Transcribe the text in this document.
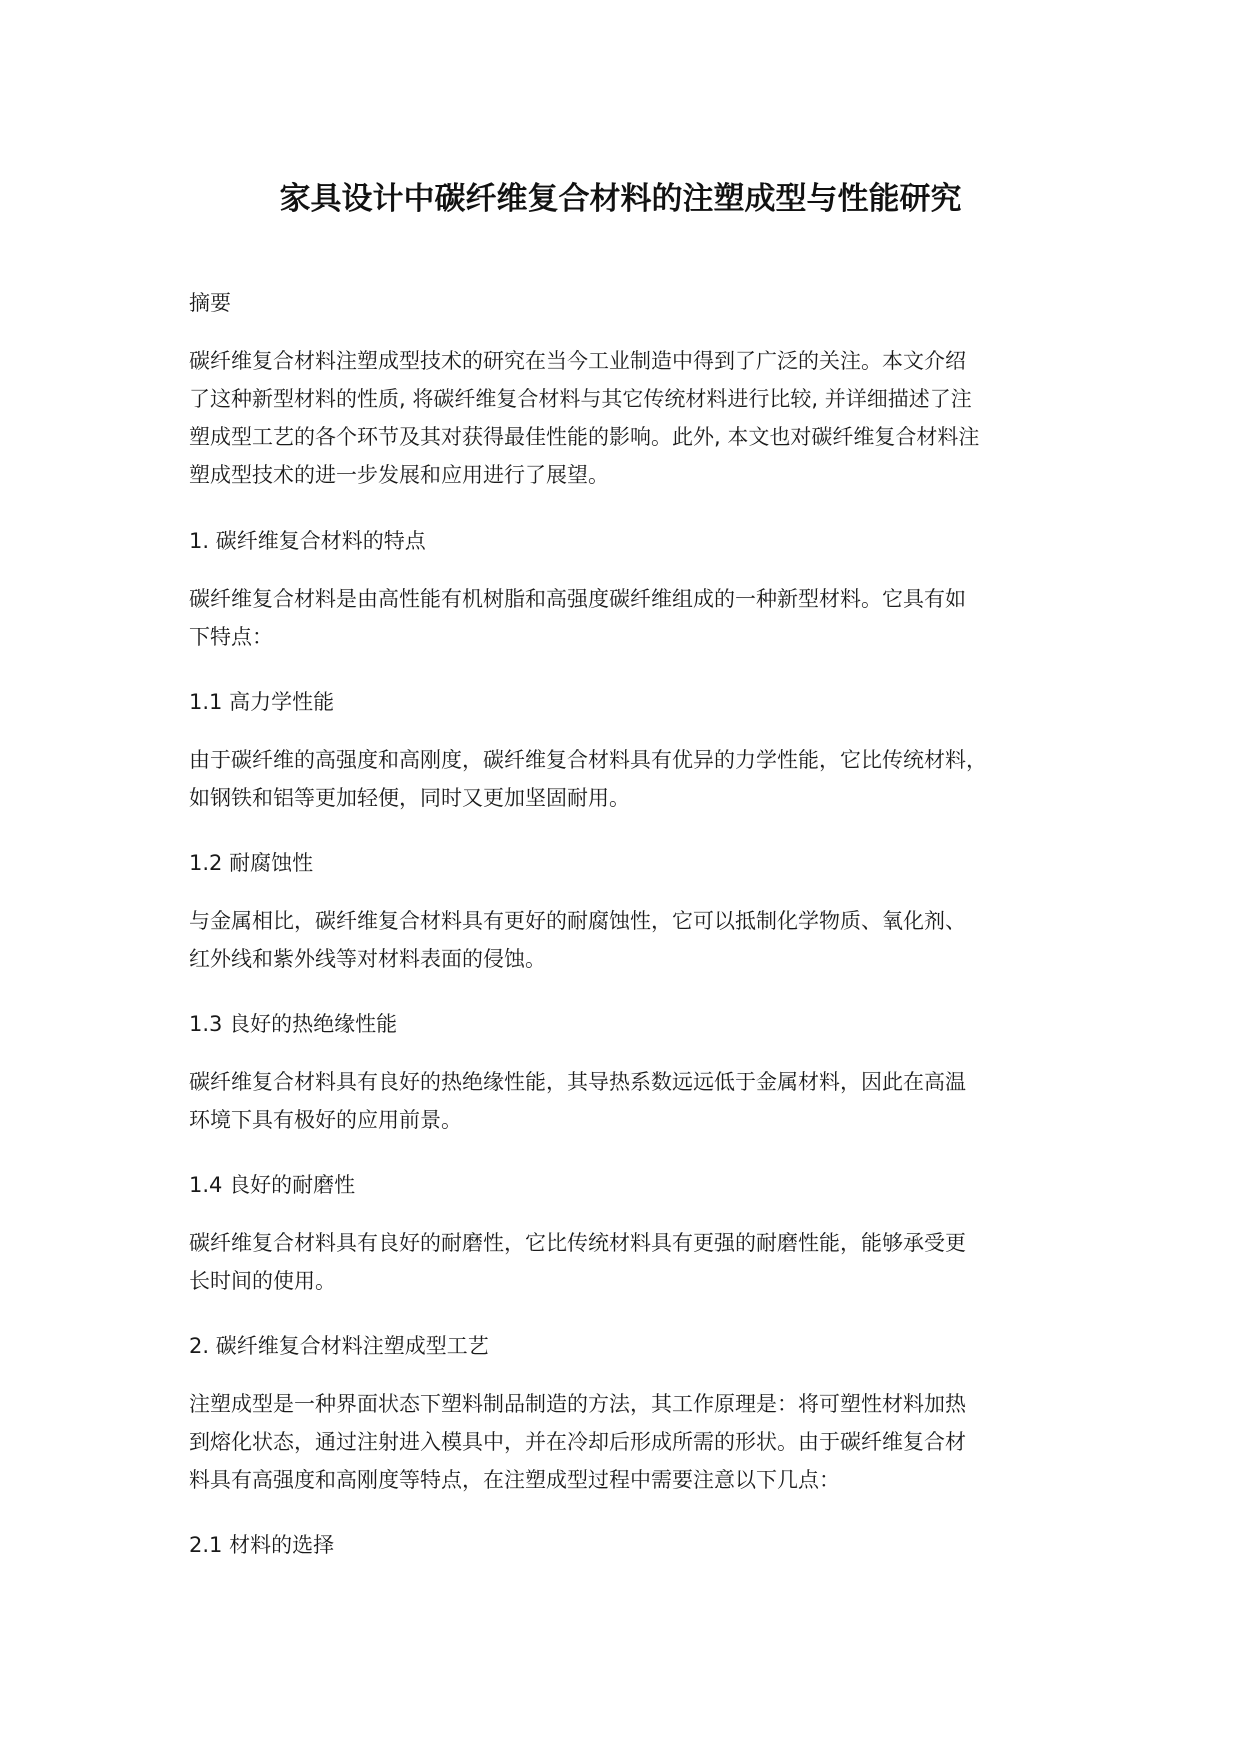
家具设计中碳纤维复合材料的注塑成型与性能研究
摘要
碳纤维复合材料注塑成型技术的研究在当今工业制造中得到了广泛的关注。本文介绍
了这种新型材料的性质, 将碳纤维复合材料与其它传统材料进行比较, 并详细描述了注
塑成型工艺的各个环节及其对获得最佳性能的影响。此外, 本文也对碳纤维复合材料注
塑成型技术的进一步发展和应用进行了展望。
1. 碳纤维复合材料的特点
碳纤维复合材料是由高性能有机树脂和高强度碳纤维组成的一种新型材料。它具有如
下特点：
1.1 高力学性能
由于碳纤维的高强度和高刚度，碳纤维复合材料具有优异的力学性能，它比传统材料，
如钢铁和铝等更加轻便，同时又更加坚固耐用。
1.2 耐腐蚀性
与金属相比，碳纤维复合材料具有更好的耐腐蚀性，它可以抵制化学物质、氧化剂、
红外线和紫外线等对材料表面的侵蚀。
1.3 良好的热绝缘性能
碳纤维复合材料具有良好的热绝缘性能，其导热系数远远低于金属材料，因此在高温
环境下具有极好的应用前景。
1.4 良好的耐磨性
碳纤维复合材料具有良好的耐磨性，它比传统材料具有更强的耐磨性能，能够承受更
长时间的使用。
2. 碳纤维复合材料注塑成型工艺
注塑成型是一种界面状态下塑料制品制造的方法，其工作原理是：将可塑性材料加热
到熔化状态，通过注射进入模具中，并在冷却后形成所需的形状。由于碳纤维复合材
料具有高强度和高刚度等特点，在注塑成型过程中需要注意以下几点：
2.1 材料的选择
